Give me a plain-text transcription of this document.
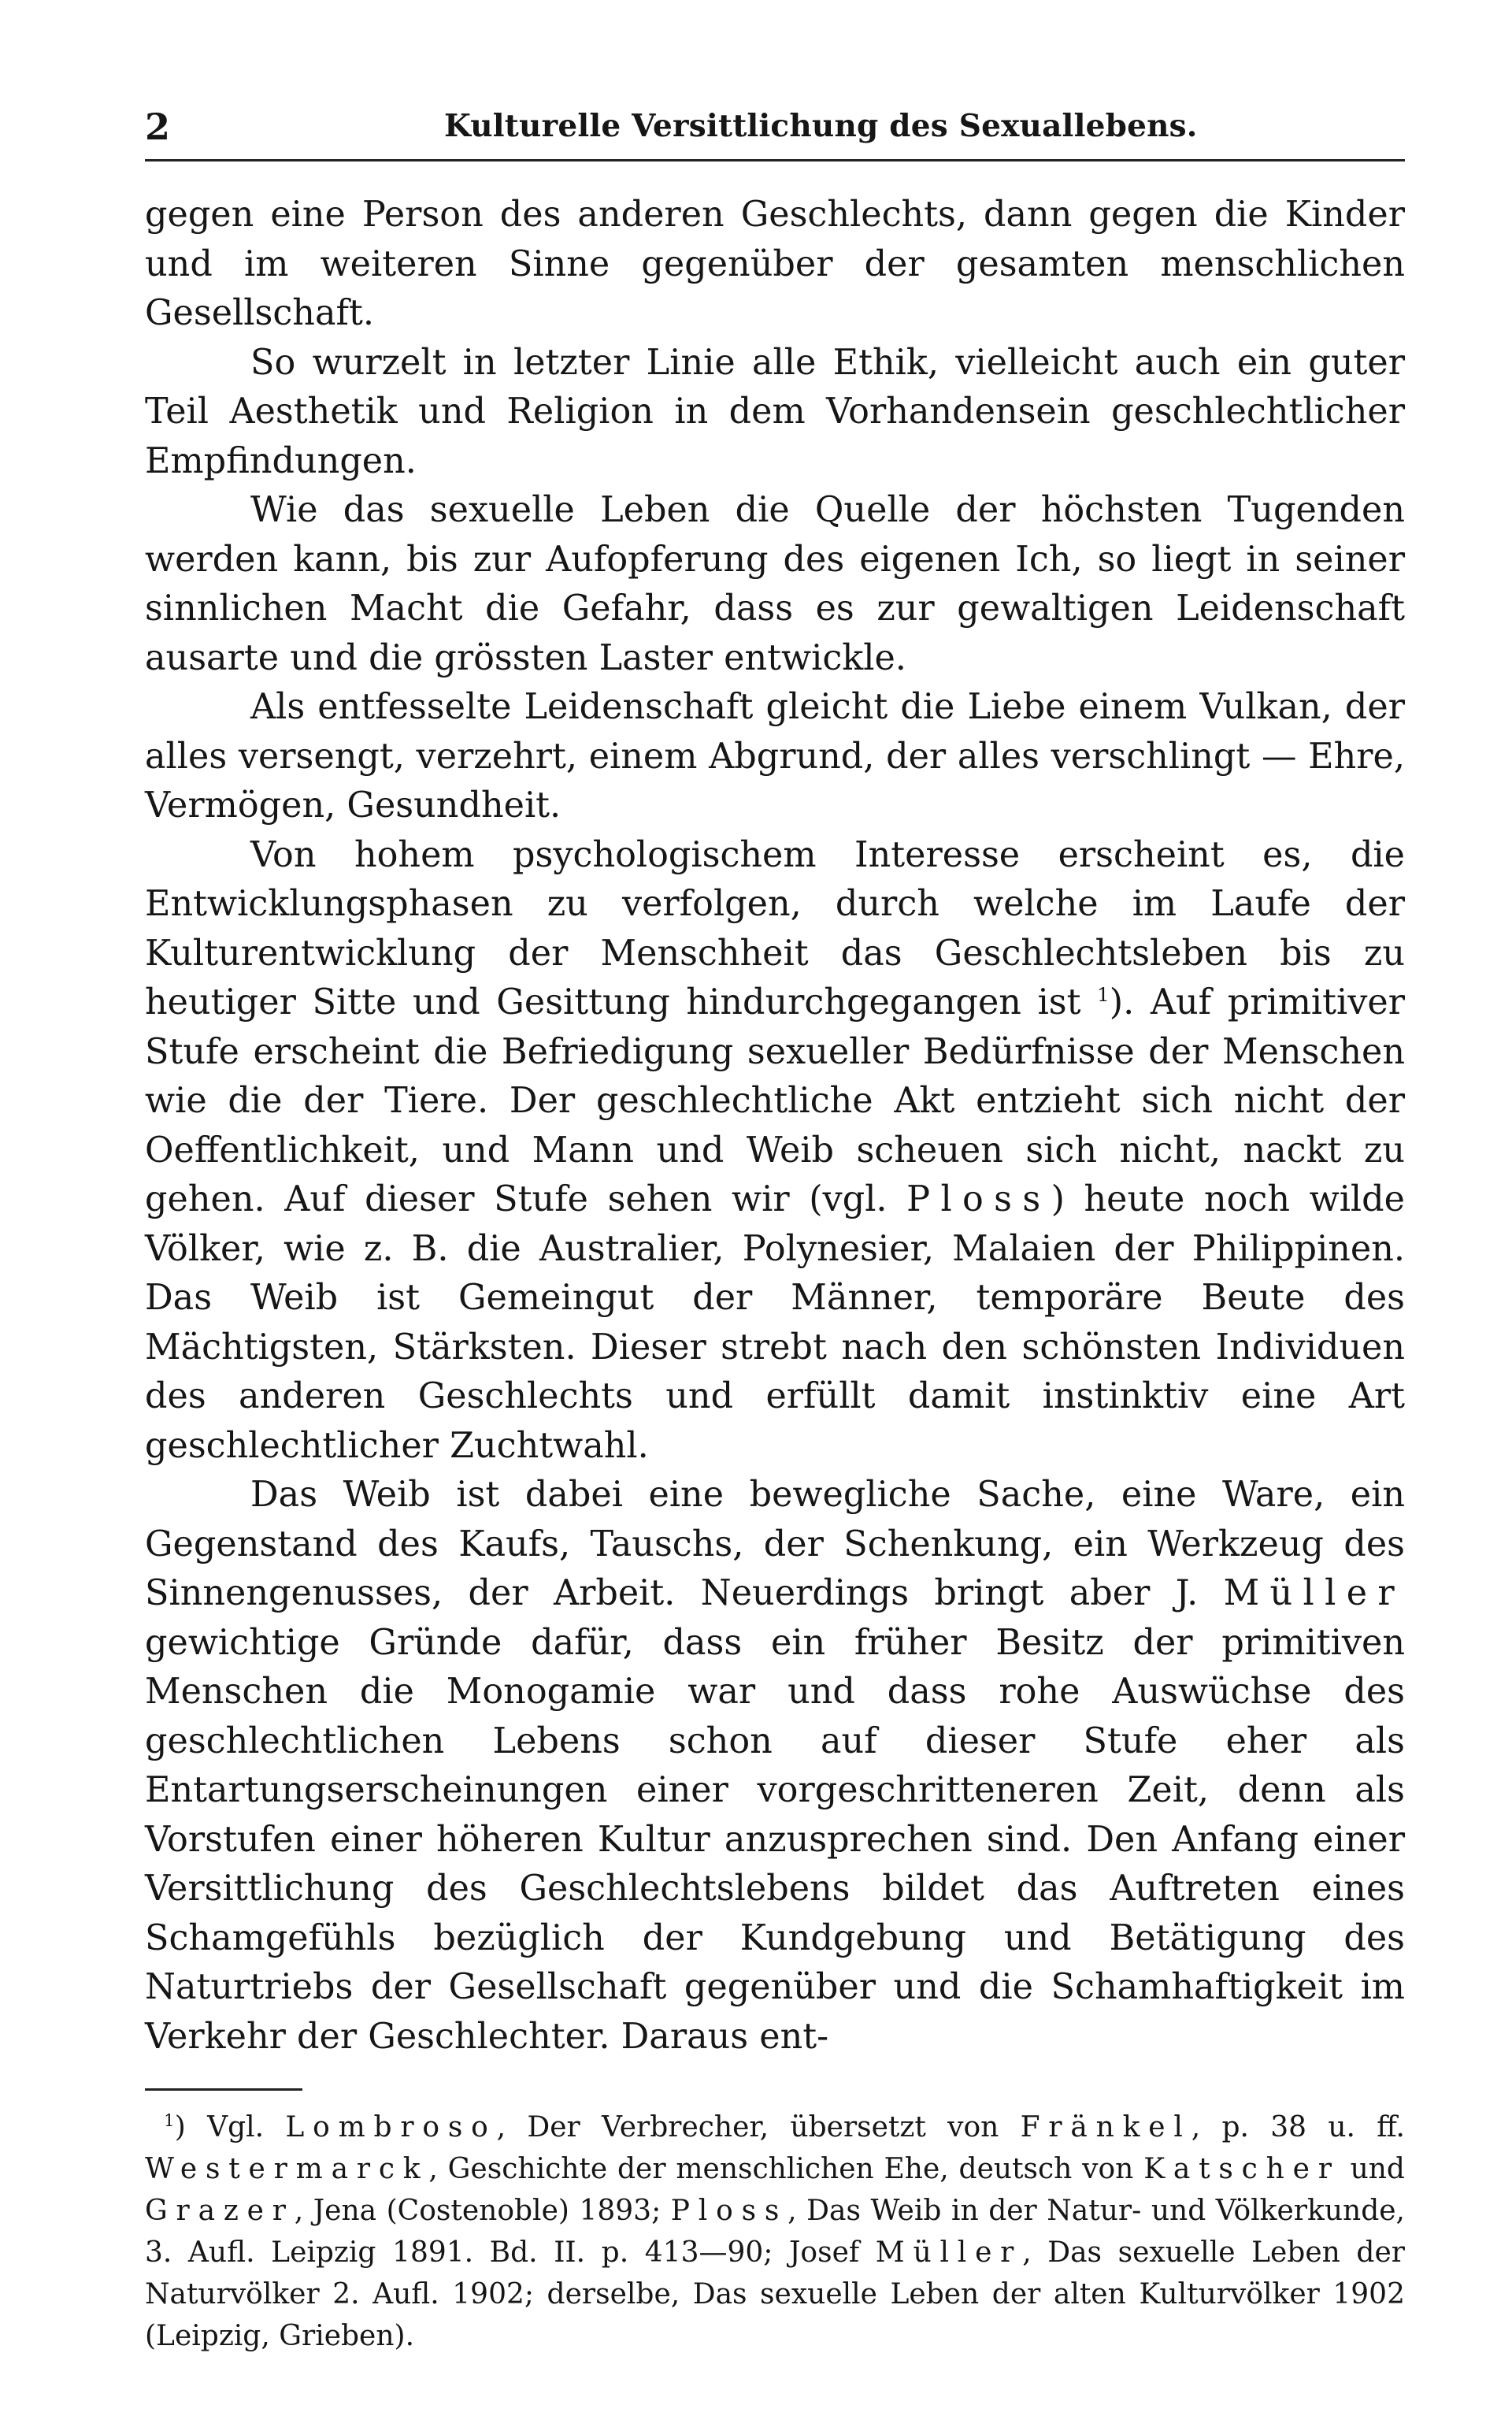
2	Kulturelle Versittlichung des Sexuallebens.

gegen eine Person des anderen Geschlechts, dann gegen die Kinder und im weiteren Sinne gegenüber der gesamten menschlichen Gesellschaft.

So wurzelt in letzter Linie alle Ethik, vielleicht auch ein guter Teil Aesthetik und Religion in dem Vorhandensein geschlechtlicher Empfindungen.

Wie das sexuelle Leben die Quelle der höchsten Tugenden werden kann, bis zur Aufopferung des eigenen Ich, so liegt in seiner sinnlichen Macht die Gefahr, dass es zur gewaltigen Leidenschaft ausarte und die grössten Laster entwickle.

Als entfesselte Leidenschaft gleicht die Liebe einem Vulkan, der alles versengt, verzehrt, einem Abgrund, der alles verschlingt — Ehre, Vermögen, Gesundheit.

Von hohem psychologischem Interesse erscheint es, die Entwicklungsphasen zu verfolgen, durch welche im Laufe der Kulturentwicklung der Menschheit das Geschlechtsleben bis zu heutiger Sitte und Gesittung hindurchgegangen ist $^1$). Auf primitiver Stufe erscheint die Befriedigung sexueller Bedürfnisse der Menschen wie die der Tiere. Der geschlechtliche Akt entzieht sich nicht der Oeffentlichkeit, und Mann und Weib scheuen sich nicht, nackt zu gehen. Auf dieser Stufe sehen wir (vgl. Ploss) heute noch wilde Völker, wie z. B. die Australier, Polynesier, Malaien der Philippinen. Das Weib ist Gemeingut der Männer, temporäre Beute des Mächtigsten, Stärksten. Dieser strebt nach den schönsten Individuen des anderen Geschlechts und erfüllt damit instinktiv eine Art geschlechtlicher Zuchtwahl.

Das Weib ist dabei eine bewegliche Sache, eine Ware, ein Gegenstand des Kaufs, Tauschs, der Schenkung, ein Werkzeug des Sinnengenusses, der Arbeit. Neuerdings bringt aber J. Müller gewichtige Gründe dafür, dass ein früher Besitz der primitiven Menschen die Monogamie war und dass rohe Auswüchse des geschlechtlichen Lebens schon auf dieser Stufe eher als Entartungserscheinungen einer vorgeschritteneren Zeit, denn als Vorstufen einer höheren Kultur anzusprechen sind. Den Anfang einer Versittlichung des Geschlechtslebens bildet das Auftreten eines Schamgefühls bezüglich der Kundgebung und Betätigung des Naturtriebs der Gesellschaft gegenüber und die Schamhaftigkeit im Verkehr der Geschlechter. Daraus ent-

$^1$) Vgl. Lombroso, Der Verbrecher, übersetzt von Fränkel, p. 38 u. ff. Westermarck, Geschichte der menschlichen Ehe, deutsch von Katscher und Grazer, Jena (Costenoble) 1893; Ploss, Das Weib in der Natur- und Völkerkunde, 3. Aufl. Leipzig 1891. Bd. II. p. 413—90; Josef Müller, Das sexuelle Leben der Naturvölker 2. Aufl. 1902; derselbe, Das sexuelle Leben der alten Kulturvölker 1902 (Leipzig, Grieben).
